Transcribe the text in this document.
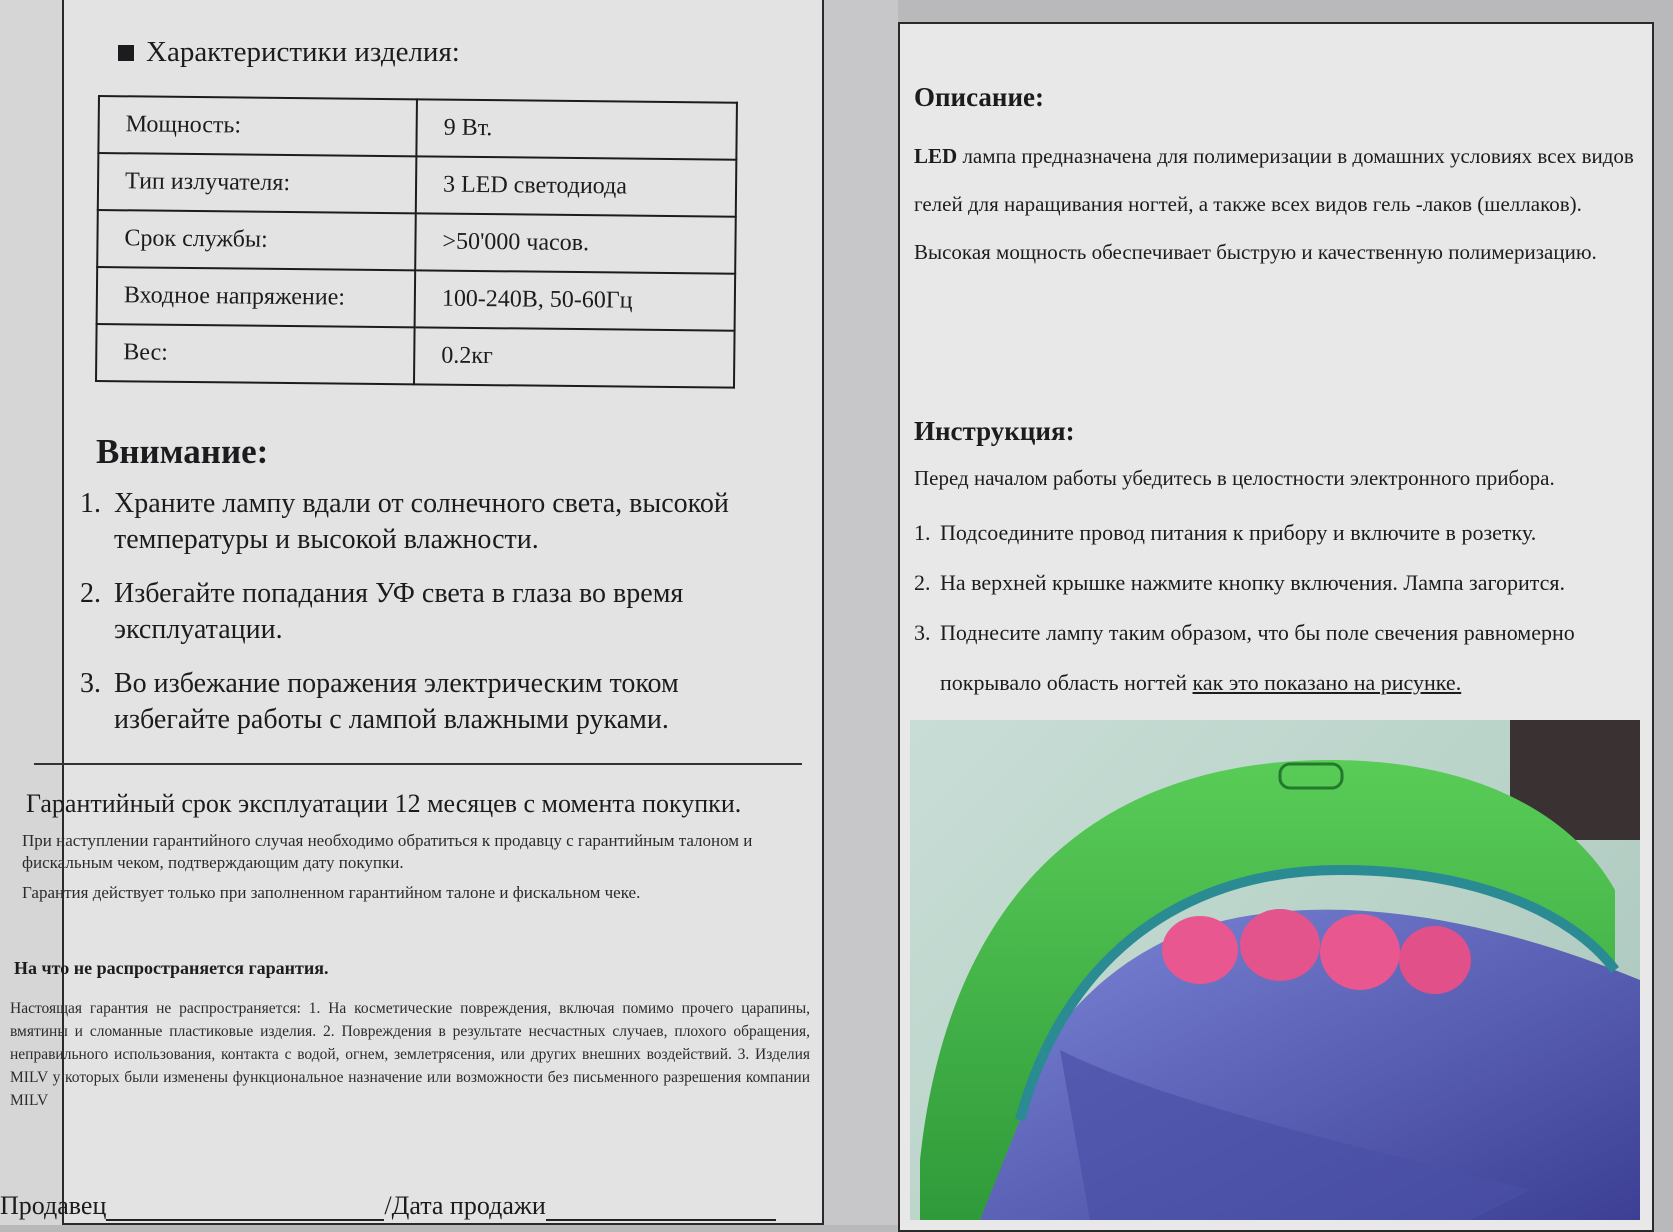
Характеристики изделия:
Мощность:	9 Вт.
Тип излучателя:	3 LED светодиода
Срок службы:	>50'000 часов.
Входное напряжение:	100-240В, 50-60Гц
Вес:	0.2кг
Внимание:
1. Храните лампу вдали от солнечного света, высокой температуры и высокой влажности.
2. Избегайте попадания УФ света в глаза во время эксплуатации.
3. Во избежание поражения электрическим током избегайте работы с лампой влажными руками.
Гарантийный срок эксплуатации 12 месяцев с момента покупки.

При наступлении гарантийного случая необходимо обратиться к продавцу с гарантийным талоном и фискальным чеком, подтверждающим дату покупки.

Гарантия действует только при заполненном гарантийном талоне и фискальном чеке.

На что не распространяется гарантия.
Настоящая гарантия не распространяется: 1. На косметические повреждения, включая помимо прочего царапины, вмятины и сломанные пластиковые изделия. 2. Повреждения в результате несчастных случаев, плохого обращения, неправильного использования, контакта с водой, огнем, землетрясения, или других внешних воздействий. 3. Изделия MILV у которых были изменены функциональное назначение или возможности без письменного разрешения компании MILV
Продавец	/Дата продажи
Описание:
LED лампа предназначена для полимеризации в домашних условиях всех видов гелей для наращивания ногтей, а также всех видов гель -лаков (шеллаков).
Высокая мощность обеспечивает быструю и качественную полимеризацию.
Инструкция:
Перед началом работы убедитесь в целостности электронного прибора.
1. Подсоедините провод питания к прибору и включите в розетку.
2. На верхней крышке нажмите кнопку включения. Лампа загорится.
3. Поднесите лампу таким образом, что бы поле свечения равномерно покрывало область ногтей как это показано на рисунке.
